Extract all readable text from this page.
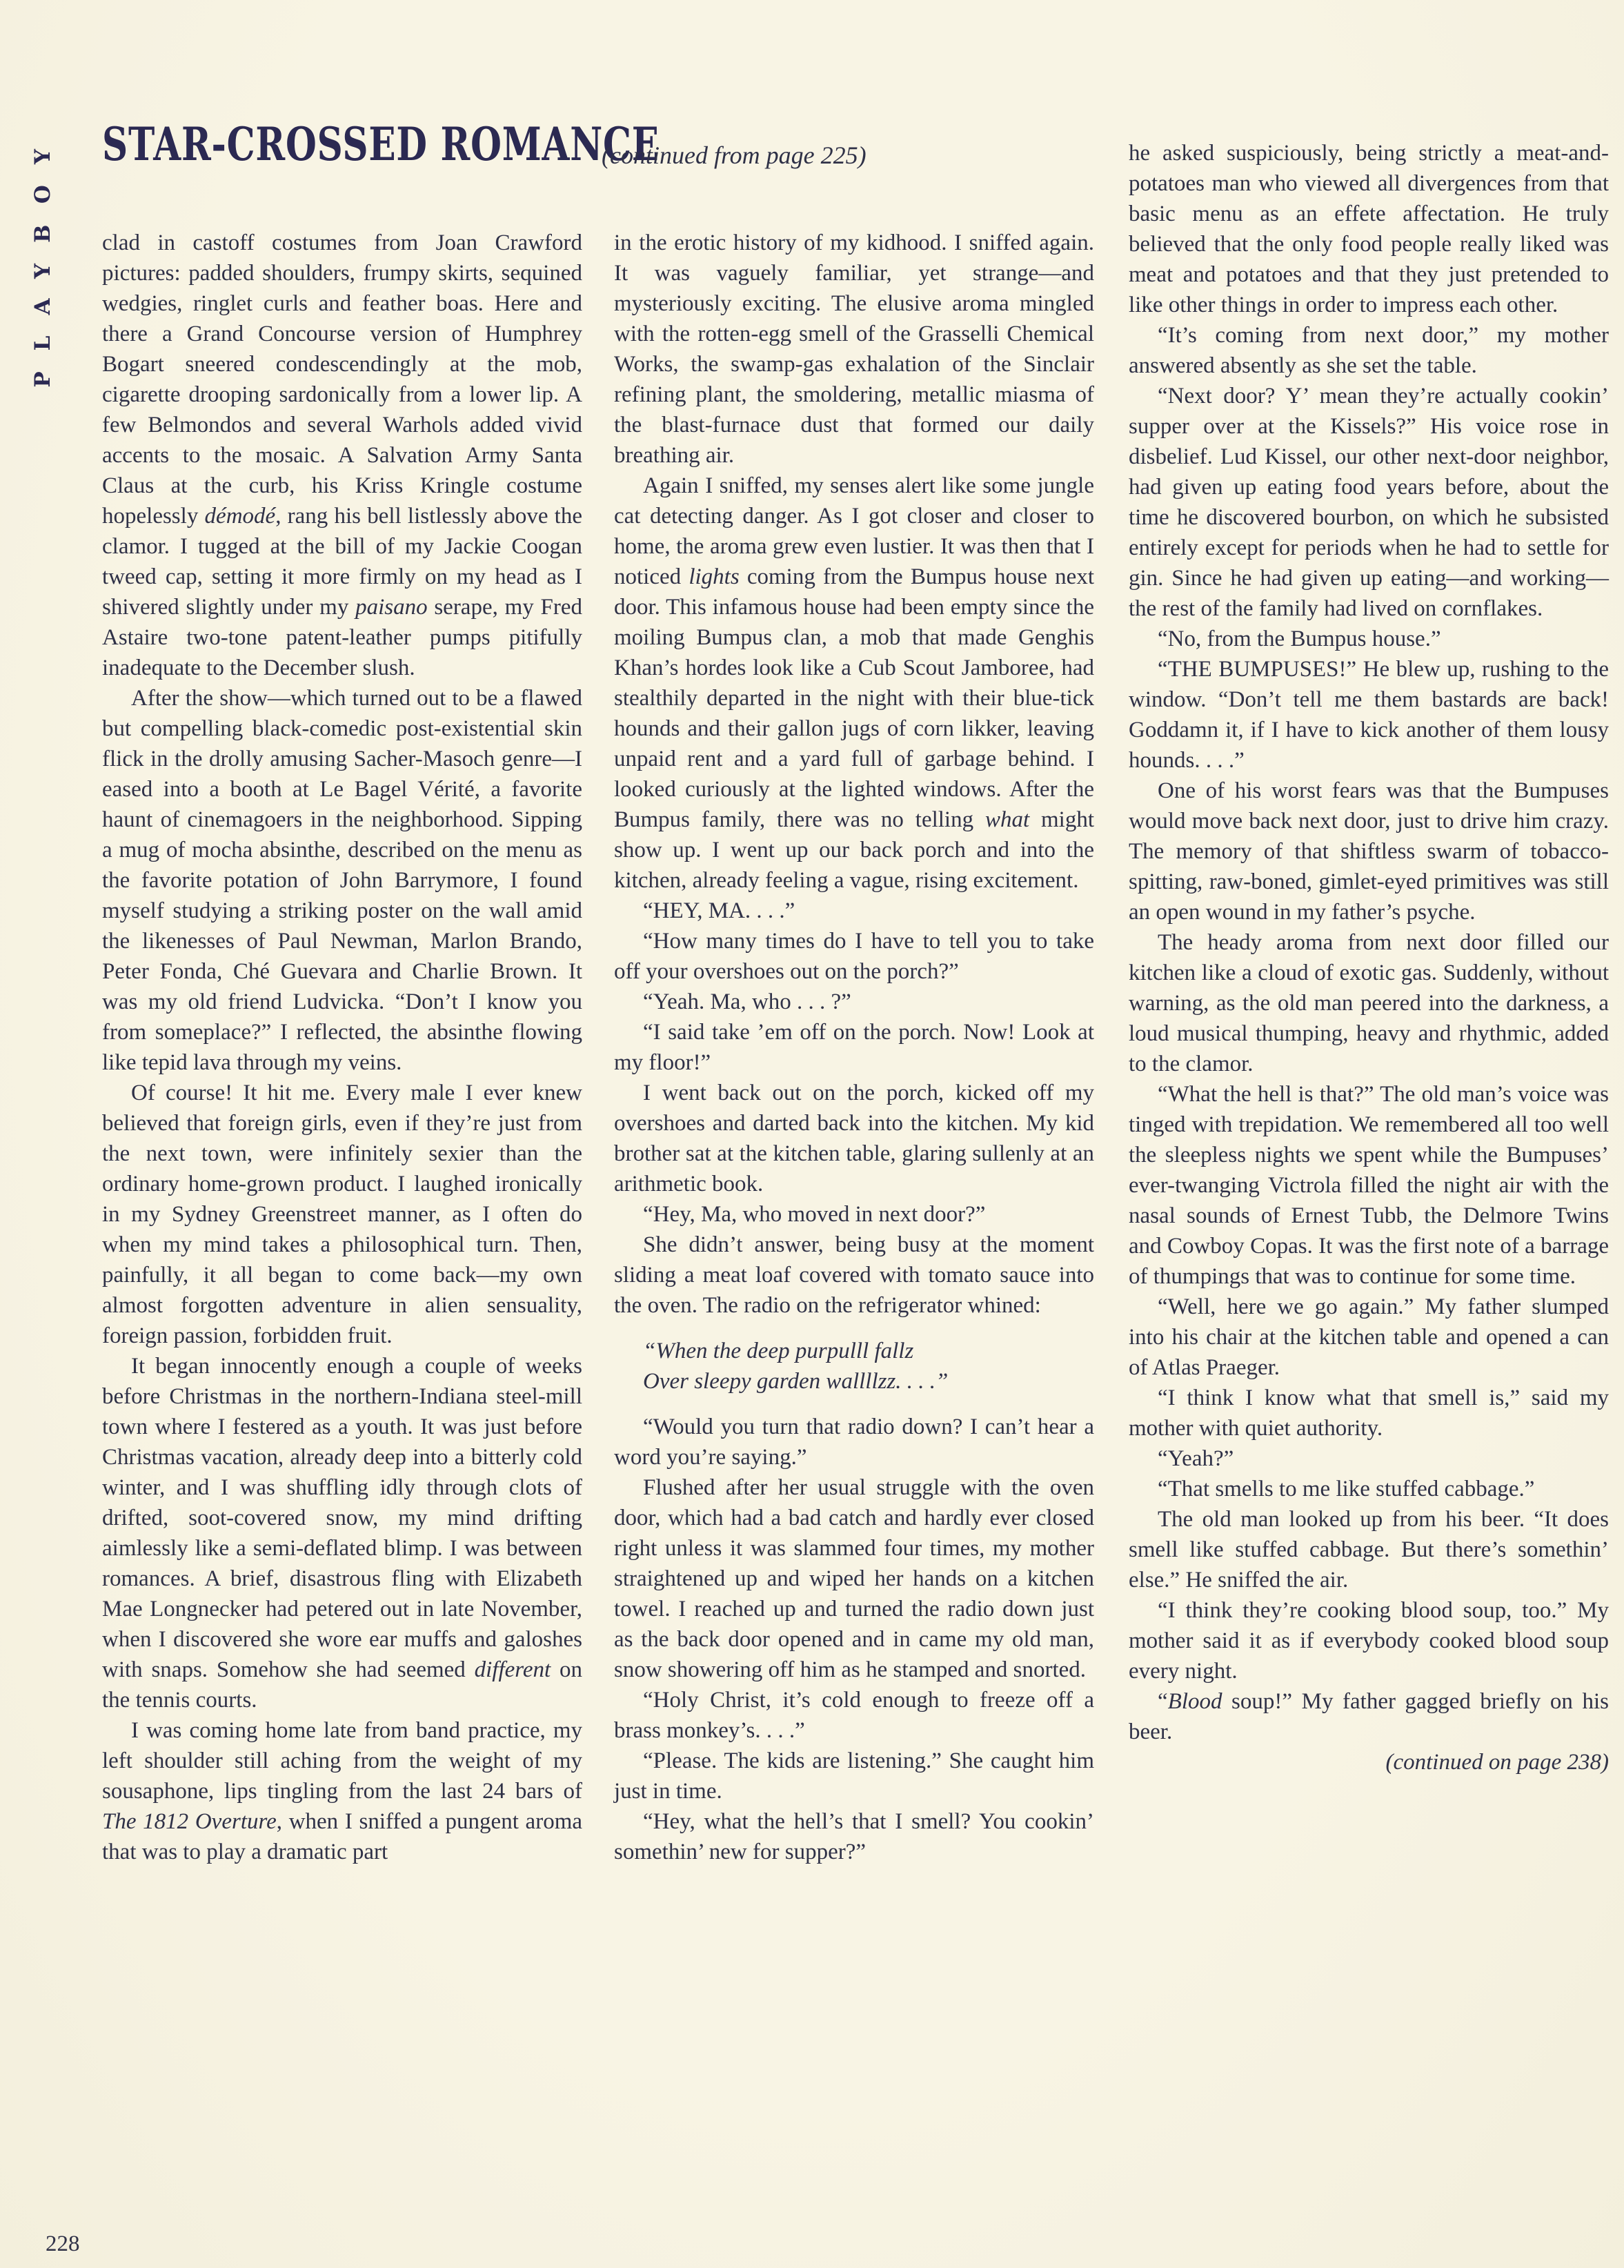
PLAYBOY STAR-CROSSED ROMANCE
(continued from page 225)

clad in castoff costumes from Joan Crawford pictures: padded shoulders, frumpy skirts, sequined wedgies, ringlet curls and feather boas. Here and there a Grand Concourse version of Humphrey Bogart sneered condescendingly at the mob, cigarette drooping sardonically from a lower lip. A few Belmondos and several Warhols added vivid accents to the mosaic. A Salvation Army Santa Claus at the curb, his Kriss Kringle costume hopelessly démodé, rang his bell listlessly above the clamor. I tugged at the bill of my Jackie Coogan tweed cap, setting it more firmly on my head as I shivered slightly under my paisano serape, my Fred Astaire two-tone patent-leather pumps pitifully inadequate to the December slush.

After the show—which turned out to be a flawed but compelling black-comedic post-existential skin flick in the drolly amusing Sacher-Masoch genre—I eased into a booth at Le Bagel Vérité, a favorite haunt of cinemagoers in the neighborhood. Sipping a mug of mocha absinthe, described on the menu as the favorite potation of John Barrymore, I found myself studying a striking poster on the wall amid the likenesses of Paul Newman, Marlon Brando, Peter Fonda, Ché Guevara and Charlie Brown. It was my old friend Ludvicka. “Don’t I know you from someplace?” I reflected, the absinthe flowing like tepid lava through my veins.

Of course! It hit me. Every male I ever knew believed that foreign girls, even if they’re just from the next town, were infinitely sexier than the ordinary home-grown product. I laughed ironically in my Sydney Greenstreet manner, as I often do when my mind takes a philosophical turn. Then, painfully, it all began to come back—my own almost forgotten adventure in alien sensuality, foreign passion, forbidden fruit.

It began innocently enough a couple of weeks before Christmas in the northern-Indiana steel-mill town where I festered as a youth. It was just before Christmas vacation, already deep into a bitterly cold winter, and I was shuffling idly through clots of drifted, soot-covered snow, my mind drifting aimlessly like a semi-deflated blimp. I was between romances. A brief, disastrous fling with Elizabeth Mae Longnecker had petered out in late November, when I discovered she wore ear muffs and galoshes with snaps. Somehow she had seemed different on the tennis courts.

I was coming home late from band practice, my left shoulder still aching from the weight of my sousaphone, lips tingling from the last 24 bars of The 1812 Overture, when I sniffed a pungent aroma that was to play a dramatic part

in the erotic history of my kidhood. I sniffed again. It was vaguely familiar, yet strange—and mysteriously exciting. The elusive aroma mingled with the rotten-egg smell of the Grasselli Chemical Works, the swamp-gas exhalation of the Sinclair refining plant, the smoldering, metallic miasma of the blast-furnace dust that formed our daily breathing air.

Again I sniffed, my senses alert like some jungle cat detecting danger. As I got closer and closer to home, the aroma grew even lustier. It was then that I noticed lights coming from the Bumpus house next door. This infamous house had been empty since the moiling Bumpus clan, a mob that made Genghis Khan’s hordes look like a Cub Scout Jamboree, had stealthily departed in the night with their blue-tick hounds and their gallon jugs of corn likker, leaving unpaid rent and a yard full of garbage behind. I looked curiously at the lighted windows. After the Bumpus family, there was no telling what might show up. I went up our back porch and into the kitchen, already feeling a vague, rising excitement.

“HEY, MA. . . .”

“How many times do I have to tell you to take off your overshoes out on the porch?”

“Yeah. Ma, who . . . ?”

“I said take ’em off on the porch. Now! Look at my floor!”

I went back out on the porch, kicked off my overshoes and darted back into the kitchen. My kid brother sat at the kitchen table, glaring sullenly at an arithmetic book.

“Hey, Ma, who moved in next door?”

She didn’t answer, being busy at the moment sliding a meat loaf covered with tomato sauce into the oven. The radio on the refrigerator whined:

“When the deep purpulll fallz

Over sleepy garden wallllzz. . . .”

“Would you turn that radio down? I can’t hear a word you’re saying.”

Flushed after her usual struggle with the oven door, which had a bad catch and hardly ever closed right unless it was slammed four times, my mother straightened up and wiped her hands on a kitchen towel. I reached up and turned the radio down just as the back door opened and in came my old man, snow showering off him as he stamped and snorted.

“Holy Christ, it’s cold enough to freeze off a brass monkey’s. . . .”

“Please. The kids are listening.” She caught him just in time.

“Hey, what the hell’s that I smell? You cookin’ somethin’ new for supper?”

he asked suspiciously, being strictly a meat-and-potatoes man who viewed all divergences from that basic menu as an effete affectation. He truly believed that the only food people really liked was meat and potatoes and that they just pretended to like other things in order to impress each other.

“It’s coming from next door,” my mother answered absently as she set the table.

“Next door? Y’ mean they’re actually cookin’ supper over at the Kissels?” His voice rose in disbelief. Lud Kissel, our other next-door neighbor, had given up eating food years before, about the time he discovered bourbon, on which he subsisted entirely except for periods when he had to settle for gin. Since he had given up eating—and working—the rest of the family had lived on cornflakes.

“No, from the Bumpus house.”

“THE BUMPUSES!” He blew up, rushing to the window. “Don’t tell me them bastards are back! Goddamn it, if I have to kick another of them lousy hounds. . . .”

One of his worst fears was that the Bumpuses would move back next door, just to drive him crazy. The memory of that shiftless swarm of tobacco-spitting, raw-boned, gimlet-eyed primitives was still an open wound in my father’s psyche.

The heady aroma from next door filled our kitchen like a cloud of exotic gas. Suddenly, without warning, as the old man peered into the darkness, a loud musical thumping, heavy and rhythmic, added to the clamor.

“What the hell is that?” The old man’s voice was tinged with trepidation. We remembered all too well the sleepless nights we spent while the Bumpuses’ ever-twanging Victrola filled the night air with the nasal sounds of Ernest Tubb, the Delmore Twins and Cowboy Copas. It was the first note of a barrage of thumpings that was to continue for some time.

“Well, here we go again.” My father slumped into his chair at the kitchen table and opened a can of Atlas Praeger.

“I think I know what that smell is,” said my mother with quiet authority.

“Yeah?”

“That smells to me like stuffed cabbage.”

The old man looked up from his beer. “It does smell like stuffed cabbage. But there’s somethin’ else.” He sniffed the air.

“I think they’re cooking blood soup, too.” My mother said it as if everybody cooked blood soup every night.

“Blood soup!” My father gagged briefly on his beer.

(continued on page 238)

228
